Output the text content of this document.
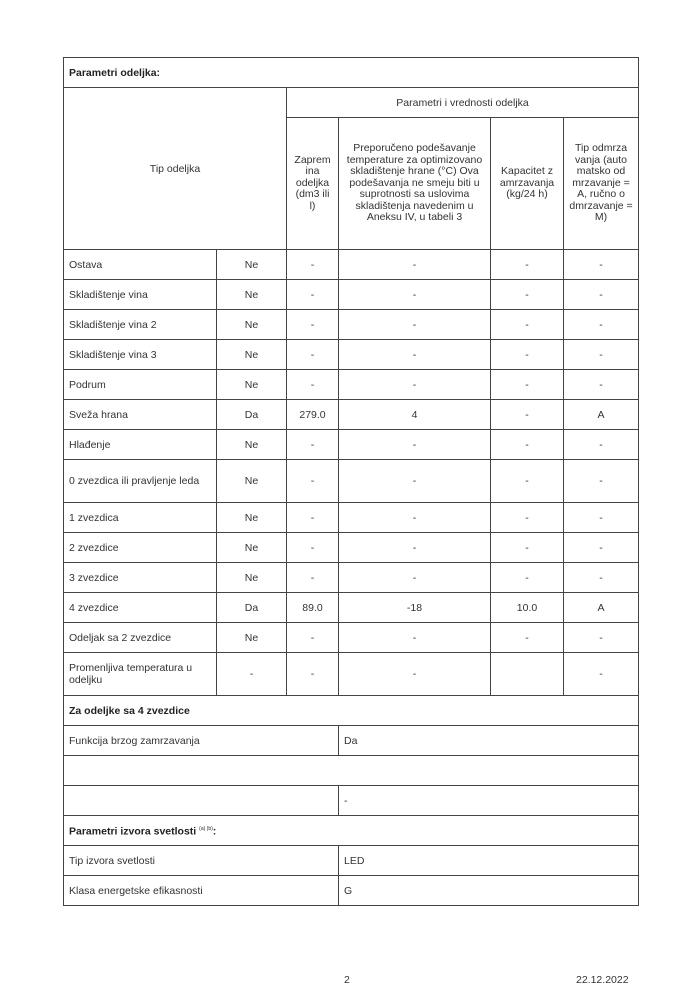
Parametri odeljka:					
Tip odeljka		Parametri i vrednosti odeljka			
		Zaprem ina odeljka (dm3 ili l)	Preporučeno podešavanje temperature za optimizovano skladištenje hrane (°C) Ova podešavanja ne smeju biti u suprotnosti sa uslovima skladištenja navedenim u Aneksu IV, u tabeli 3	Kapacitet z amrzavanja (kg/24 h)	Tip odmrza vanja (auto matsko od mrzavanje = A, ručno o dmrzavanje = M)
Ostava	Ne	-	-	-	-
Skladištenje vina	Ne	-	-	-	-
Skladištenje vina 2	Ne	-	-	-	-
Skladištenje vina 3	Ne	-	-	-	-
Podrum	Ne	-	-	-	-
Sveža hrana	Da	279.0	4	-	A
Hlađenje	Ne	-	-	-	-
0 zvezdica ili pravljenje leda	Ne	-	-	-	-
1 zvezdica	Ne	-	-	-	-
2 zvezdice	Ne	-	-	-	-
3 zvezdice	Ne	-	-	-	-
4 zvezdice	Da	89.0	-18	10.0	A
Odeljak sa 2 zvezdice	Ne	-	-	-	-
Promenljiva temperatura u odeljku	-	-	-		-
Za odeljke sa 4 zvezdice					
Funkcija brzog zamrzavanja			Da		

			-		
Parametri izvora svetlosti $^{(a) (b)}$:					
Tip izvora svetlosti			LED		
Klasa energetske efikasnosti			G		
2	22.12.2022
